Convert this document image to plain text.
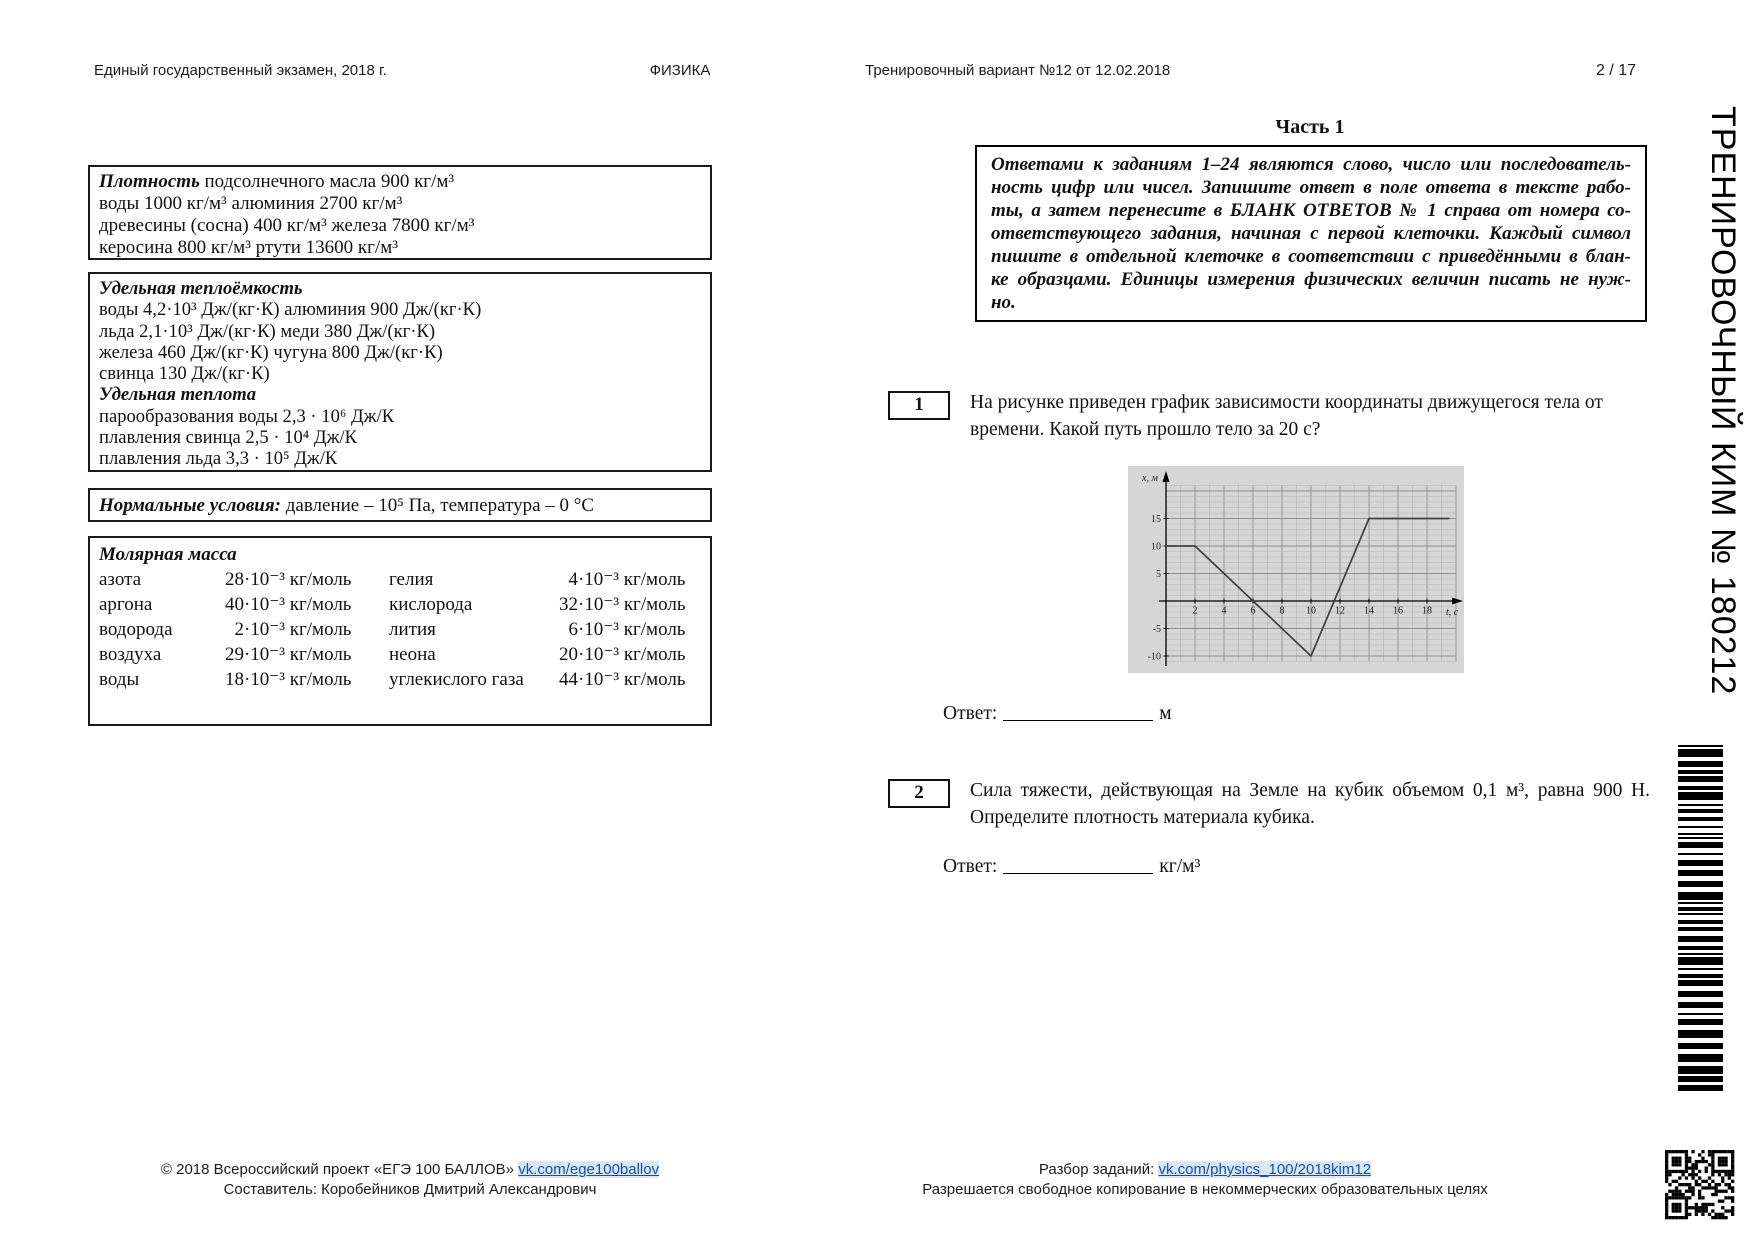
Единый государственный экзамен, 2018 г.	ФИЗИКА	Тренировочный вариант №12 от 12.02.2018	2 / 17
Плотность подсолнечного масла 900 кг/м³
воды 1000 кг/м³ алюминия 2700 кг/м³
древесины (сосна) 400 кг/м³ железа 7800 кг/м³
керосина 800 кг/м³ ртути 13600 кг/м³
Удельная теплоёмкость
воды 4,2·10³ Дж/(кг·К) алюминия 900 Дж/(кг·К)
льда 2,1·10³ Дж/(кг·К) меди 380 Дж/(кг·К)
железа 460 Дж/(кг·К) чугуна 800 Дж/(кг·К)
свинца 130 Дж/(кг·К)
Удельная теплота
парообразования воды 2,3 · 10⁶ Дж/К
плавления свинца 2,5 · 10⁴ Дж/К
плавления льда 3,3 · 10⁵ Дж/К
Нормальные условия: давление – 10⁵ Па, температура – 0 °С
Молярная масса
азота	28·10⁻³ кг/моль	гелия	4·10⁻³ кг/моль
аргона	40·10⁻³ кг/моль	кислорода	32·10⁻³ кг/моль
водорода	2·10⁻³ кг/моль	лития	6·10⁻³ кг/моль
воздуха	29·10⁻³ кг/моль	неона	20·10⁻³ кг/моль
воды	18·10⁻³ кг/моль	углекислого газа	44·10⁻³ кг/моль
Часть 1
Ответами к заданиям 1–24 являются слово, число или последователь-
ность цифр или чисел. Запишите ответ в поле ответа в тексте рабо-
ты, а затем перенесите в БЛАНК ОТВЕТОВ № 1 справа от номера со-
ответствующего задания, начиная с первой клеточки. Каждый символ
пишите в отдельной клеточке в соответствии с приведёнными в блан-
ке образцами. Единицы измерения физических величин писать не нуж-
но.
1	На рисунке приведен график зависимости координаты движущегося тела от времени. Какой путь прошло тело за 20 с?
2 4 6 8 10 12 14 16 18
15
10
5
-5
-10
x, м
t, с
Ответ:	м
2	Сила тяжести, действующая на Земле на кубик объемом 0,1 м³, равна 900 Н. Определите плотность материала кубика.
Ответ:	кг/м³
ТРЕНИРОВОЧНЫЙ КИМ № 180212
© 2018 Всероссийский проект «ЕГЭ 100 БАЛЛОВ» vk.com/ege100ballov
Составитель: Коробейников Дмитрий Александрович
Разбор заданий: vk.com/physics_100/2018kim12
Разрешается свободное копирование в некоммерческих образовательных целях
